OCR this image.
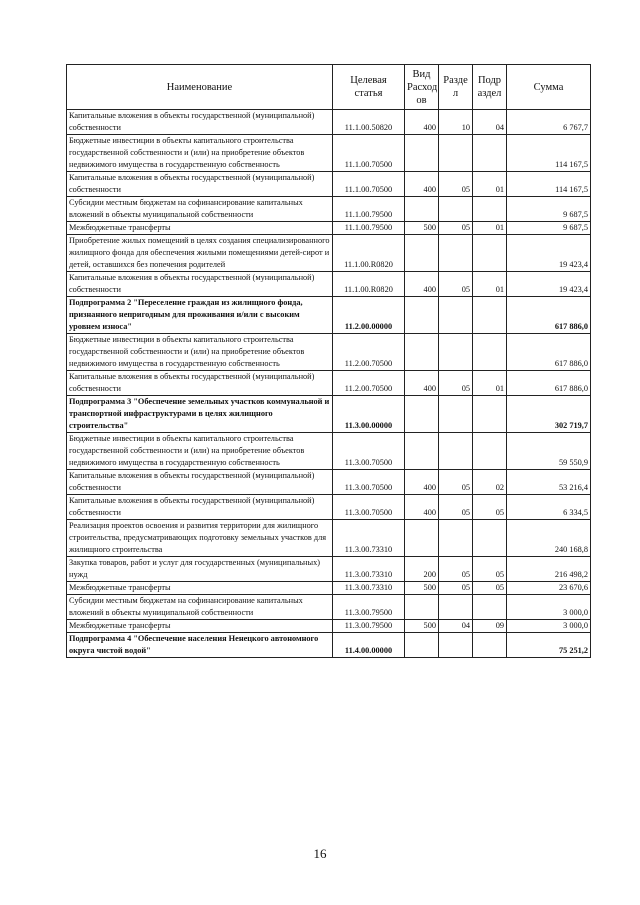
Наименование	Целевая статья	Вид Расход ов	Разде л	Подр аздел	Сумма
Капитальные вложения в объекты государственной (муниципальной) собственности	11.1.00.50820	400	10	04	6 767,7
Бюджетные инвестиции в объекты капитального строительства государственной собственности и (или) на приобретение объектов недвижимого имущества в государственную собственность	11.1.00.70500				114 167,5
Капитальные вложения в объекты государственной (муниципальной) собственности	11.1.00.70500	400	05	01	114 167,5
Субсидии местным бюджетам на софинансирование капитальных вложений в объекты муниципальной собственности	11.1.00.79500				9 687,5
Межбюджетные трансферты	11.1.00.79500	500	05	01	9 687,5
Приобретение жилых помещений в целях создания специализированного жилищного фонда для обеспечения жилыми помещениями детей-сирот и детей, оставшихся без попечения родителей	11.1.00.R0820				19 423,4
Капитальные вложения в объекты государственной (муниципальной) собственности	11.1.00.R0820	400	05	01	19 423,4
Подпрограмма 2 "Переселение граждан из жилищного фонда, признанного непригодным для проживания и/или с высоким уровнем износа"	11.2.00.00000				617 886,0
Бюджетные инвестиции в объекты капитального строительства государственной собственности и (или) на приобретение объектов недвижимого имущества в государственную собственность	11.2.00.70500				617 886,0
Капитальные вложения в объекты государственной (муниципальной) собственности	11.2.00.70500	400	05	01	617 886,0
Подпрограмма 3 "Обеспечение земельных участков коммунальной и транспортной инфраструктурами в целях жилищного строительства"	11.3.00.00000				302 719,7
Бюджетные инвестиции в объекты капитального строительства государственной собственности и (или) на приобретение объектов недвижимого имущества в государственную собственность	11.3.00.70500				59 550,9
Капитальные вложения в объекты государственной (муниципальной) собственности	11.3.00.70500	400	05	02	53 216,4
Капитальные вложения в объекты государственной (муниципальной) собственности	11.3.00.70500	400	05	05	6 334,5
Реализация проектов освоения и развития территории для жилищного строительства, предусматривающих подготовку земельных участков для жилищного строительства	11.3.00.73310				240 168,8
Закупка товаров, работ и услуг для государственных (муниципальных) нужд	11.3.00.73310	200	05	05	216 498,2
Межбюджетные трансферты	11.3.00.73310	500	05	05	23 670,6
Субсидии местным бюджетам на софинансирование капитальных вложений в объекты муниципальной собственности	11.3.00.79500				3 000,0
Межбюджетные трансферты	11.3.00.79500	500	04	09	3 000,0
Подпрограмма 4 "Обеспечение населения Ненецкого автономного округа чистой водой"	11.4.00.00000				75 251,2
16
